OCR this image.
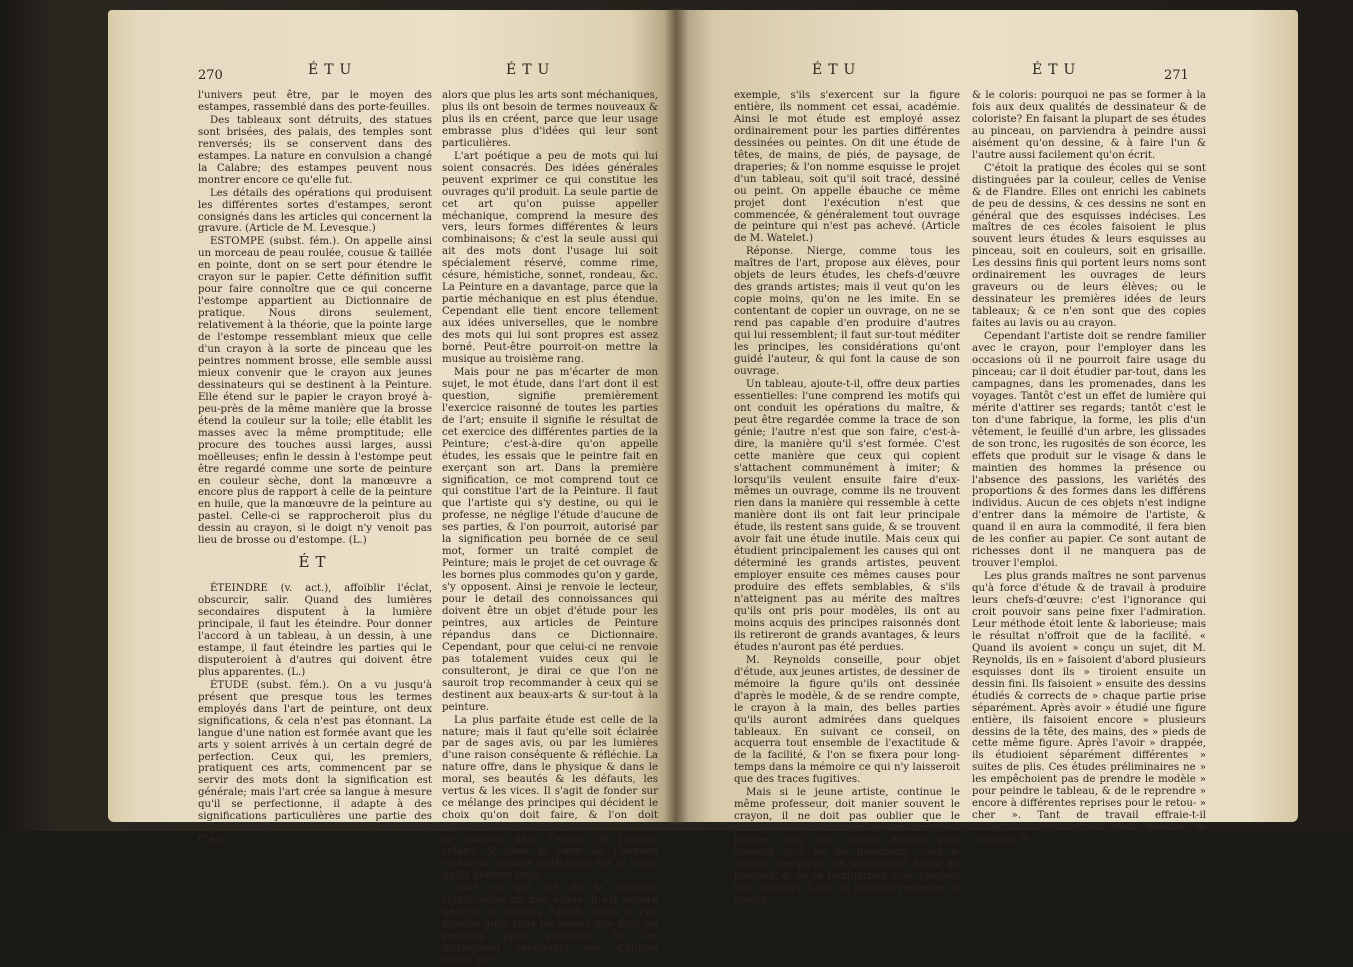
270	ÉTU	ÉTU

l'univers peut être, par le moyen des estampes, rassemblé dans des porte-feuilles.

Des tableaux sont détruits, des statues sont brisées, des palais, des temples sont renversés; ils se conservent dans des estampes. La nature en convulsion a changé la Calabre; des estampes peuvent nous montrer encore ce qu'elle fut.

Les détails des opérations qui produisent les différentes sortes d'estampes, seront consignés dans les articles qui concernent la gravure. (Article de M. Levesque.)

ESTOMPE (subst. fém.). On appelle ainsi un morceau de peau roulée, cousue & taillée en pointe, dont on se sert pour étendre le crayon sur le papier. Cette définition suffit pour faire connoître que ce qui concerne l'estompe appartient au Dictionnaire de pratique. Nous dirons seulement, relativement à la théorie, que la pointe large de l'estompe ressemblant mieux que celle d'un crayon à la sorte de pinceau que les peintres nomment brosse, elle semble aussi mieux convenir que le crayon aux jeunes dessinateurs qui se destinent à la Peinture. Elle étend sur le papier le crayon broyé à-peu-près de la même manière que la brosse étend la couleur sur la toile; elle établit les masses avec la même promptitude; elle procure des touches aussi larges, aussi moëlleuses; enfin le dessin à l'estompe peut être regardé comme une sorte de peinture en couleur sèche, dont la manœuvre a encore plus de rapport à celle de la peinture en huile, que la manœuvre de la peinture au pastel. Celle-ci se rapprocheroit plus du dessin au crayon, si le doigt n'y venoit pas lieu de brosse ou d'estompe. (L.)

ÉT

ÉTEINDRE (v. act.), affoiblir l'éclat, obscurcir, salir. Quand des lumières secondaires disputent à la lumière principale, il faut les éteindre. Pour donner l'accord à un tableau, à un dessin, à une estampe, il faut éteindre les parties qui le disputeroient à d'autres qui doivent être plus apparentes. (L.)

ÉTUDE (subst. fém.). On a vu jusqu'à présent que presque tous les termes employés dans l'art de peinture, ont deux significations, & cela n'est pas étonnant. La langue d'une nation est formée avant que les arts y soient arrivés à un certain degré de perfection. Ceux qui, les premiers, pratiquent ces arts, commencent par se servir des mots dont la signification est générale; mais l'art crée sa langue à mesure qu'il se perfectionne, il adapte à des significations particulières une partie des expressions générales; enfin il en invente. C'est

alors que plus les arts sont méchaniques, plus ils ont besoin de termes nouveaux & plus ils en créent, parce que leur usage embrasse plus d'idées qui leur sont particulières.

L'art poétique a peu de mots qui lui soient consacrés. Des idées générales peuvent exprimer ce qui constitue les ouvrages qu'il produit. La seule partie de cet art qu'on puisse appeller méchanique, comprend la mesure des vers, leurs formes différentes & leurs combinaisons; & c'est la seule aussi qui ait des mots dont l'usage lui soit spécialement réservé, comme rime, césure, hémistiche, sonnet, rondeau, &c. La Peinture en a davantage, parce que la partie méchanique en est plus étendue. Cependant elle tient encore tellement aux idées universelles, que le nombre des mots qui lui sont propres est assez borné. Peut-être pourroit-on mettre la musique au troisième rang.

Mais pour ne pas m'écarter de mon sujet, le mot étude, dans l'art dont il est question, signifie premièrement l'exercice raisonné de toutes les parties de l'art; ensuite il signifie le résultat de cet exercice des différentes parties de la Peinture; c'est-à-dire qu'on appelle études, les essais que le peintre fait en exerçant son art. Dans la première signification, ce mot comprend tout ce qui constitue l'art de la Peinture. Il faut que l'artiste qui s'y destine, ou qui le professe, ne néglige l'étude d'aucune de ses parties, & l'on pourroit, autorisé par la signification peu bornée de ce seul mot, former un traité complet de Peinture; mais le projet de cet ouvrage & les bornes plus commodes qu'on y garde, s'y opposent. Ainsi je renvoie le lecteur, pour le detail des connoissances qui doivent être un objet d'étude pour les peintres, aux articles de Peinture répandus dans ce Dictionnaire. Cependant, pour que celui-ci ne renvoie pas totalement vuides ceux qui le consulteront, je dirai ce que l'on ne sauroit trop recommander à ceux qui se destinent aux beaux-arts & sur-tout à la peinture.

La plus parfaite étude est celle de la nature; mais il faut qu'elle soit éclairée par de sages avis, ou par les lumières d'une raison conséquente & réfléchie. La nature offre, dans le physique & dans le moral, ses beautés & les défauts, les vertus & les vices. Il s'agit de fonder sur ce mélange des principes qui décident le choix qu'on doit faire, & l'on doit s'attacher à les rendre si solides, qu'ils ne laissent dans l'esprit de l'artiste éclairé & dans le cœur de l'homme vertueux, aucune indécision sur la route qu'ils doivent tenir.

Pour ce qui est de la seconde signification du mot étude, il est encore général à certains égards; mais il s'en appelle ainsi tous les essais que font les peintres pour s'exercer, ils les distinguent cependant par d'autres noms: par

ÉTU	ÉTU	271

exemple, s'ils s'exercent sur la figure entière, ils nomment cet essai, académie. Ainsi le mot étude est employé assez ordinairement pour les parties différentes dessinées ou peintes. On dit une étude de têtes, de mains, de piés, de paysage, de draperies; & l'on nomme esquisse le projet d'un tableau, soit qu'il soit tracé, dessiné ou peint. On appelle ébauche ce même projet dont l'exécution n'est que commencée, & généralement tout ouvrage de peinture qui n'est pas achevé. (Article de M. Watelet.)

Réponse. Nierge, comme tous les maîtres de l'art, propose aux élèves, pour objets de leurs études, les chefs-d'œuvre des grands artistes; mais il veut qu'on les copie moins, qu'on ne les imite. En se contentant de copier un ouvrage, on ne se rend pas capable d'en produire d'autres qui lui ressemblent; il faut sur-tout méditer les principes, les considérations qu'ont guidé l'auteur, & qui font la cause de son ouvrage.

Un tableau, ajoute-t-il, offre deux parties essentielles: l'une comprend les motifs qui ont conduit les opérations du maître, & peut être regardée comme la trace de son génie; l'autre n'est que son faire, c'est-à-dire, la manière qu'il s'est formée. C'est cette manière que ceux qui copient s'attachent communément à imiter; & lorsqu'ils veulent ensuite faire d'eux-mêmes un ouvrage, comme ils ne trouvent rien dans la manière qui ressemble à cette manière dont ils ont fait leur principale étude, ils restent sans guide, & se trouvent avoir fait une étude inutile. Mais ceux qui étudient principalement les causes qui ont déterminé les grands artistes, peuvent employer ensuite ces mêmes causes pour produire des effets semblables, & s'ils n'atteignent pas au mérite des maîtres qu'ils ont pris pour modèles, ils ont au moins acquis des principes raisonnés dont ils retireront de grands avantages, & leurs études n'auront pas été perdues.

M. Reynolds conseille, pour objet d'étude, aux jeunes artistes, de dessiner de mémoire la figure qu'ils ont dessinée d'après le modèle, & de se rendre compte, le crayon à la main, des belles parties qu'ils auront admirées dans quelques tableaux. En suivant ce conseil, on acquerra tout ensemble de l'exactitude & de la facilité, & l'on se fixera pour long-temps dans la mémoire ce qui n'y laisseroit que des traces fugitives.

Mais si le jeune artiste, continue le même professeur, doit manier souvent le crayon, il ne doit pas oublier que le pinceau est l'instrument de son art. Qu'il peigne donc ses études encore plus souvent qu'il ne les dessinera: c'est le moyen d'acquérir un maniement facile du pinceau, & de se familiariser avec l'emploi des couleurs. L'art de peindre renferme le dessin

& le coloris: pourquoi ne pas se former à la fois aux deux qualités de dessinateur & de coloriste? En faisant la plupart de ses études au pinceau, on parviendra à peindre aussi aisément qu'on dessine, & à faire l'un & l'autre aussi facilement qu'on écrit.

C'étoit la pratique des écoles qui se sont distinguées par la couleur, celles de Venise & de Flandre. Elles ont enrichi les cabinets de peu de dessins, & ces dessins ne sont en général que des esquisses indécises. Les maîtres de ces écoles faisoient le plus souvent leurs études & leurs esquisses au pinceau, soit en couleurs, soit en grisaille. Les dessins finis qui portent leurs noms sont ordinairement les ouvrages de leurs graveurs ou de leurs élèves; ou le dessinateur les premières idées de leurs tableaux; & ce n'en sont que des copies faites au lavis ou au crayon.

Cependant l'artiste doit se rendre familier avec le crayon, pour l'employer dans les occasions où il ne pourroit faire usage du pinceau; car il doit étudier par-tout, dans les campagnes, dans les promenades, dans les voyages. Tantôt c'est un effet de lumière qui mérite d'attirer ses regards; tantôt c'est le ton d'une fabrique, la forme, les plis d'un vêtement, le feuillé d'un arbre, les glissades de son tronc, les rugosités de son écorce, les effets que produit sur le visage & dans le maintien des hommes la présence ou l'absence des passions, les variétés des proportions & des formes dans les différens individus. Aucun de ces objets n'est indigne d'entrer dans la mémoire de l'artiste, & quand il en aura la commodité, il fera bien de les confier au papier. Ce sont autant de richesses dont il ne manquera pas de trouver l'emploi.

Les plus grands maîtres ne sont parvenus qu'à force d'étude & de travail à produire leurs chefs-d'œuvre: c'est l'ignorance qui croit pouvoir sans peine fixer l'admiration. Leur méthode étoit lente & laborieuse; mais le résultat n'offroit que de la facilité. « Quand ils avoient » conçu un sujet, dit M. Reynolds, ils en » faisoient d'abord plusieurs esquisses dont ils » tiroient ensuite un dessin fini. Ils faisoient » ensuite des dessins étudiés & corrects de » chaque partie prise séparément. Après avoir » étudié une figure entière, ils faisoient encore » plusieurs dessins de la tête, des mains, des » pieds de cette même figure. Après l'avoir » drappée, ils étudioient séparément différentes » suites de plis. Ces études préliminaires ne » les empêchoient pas de prendre le modèle » pour peindre le tableau, & de le reprendre » encore à différentes reprises pour le retou- » cher ». Tant de travail effraie-t-il l'imagination? un mot doit rendre le courage: le
